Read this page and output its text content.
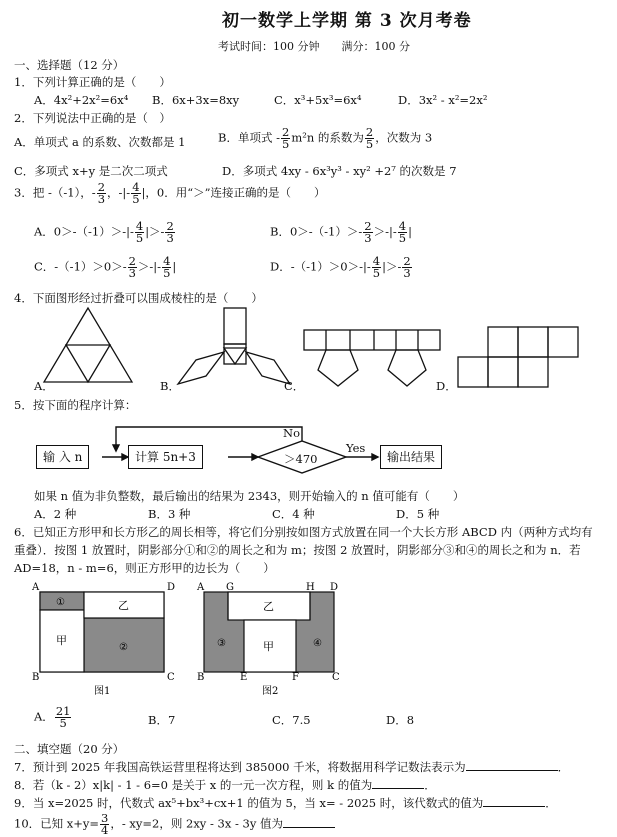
初一数学上学期 第 3 次月考卷
考试时间：100 分钟　　满分：100 分
一、选择题（12 分）
1．下列计算正确的是（　　）
A．4x²+2x²=6x⁴ B．6x+3x=8xy	C．x³+5x³=6x⁴	D．3x² - x²=2x²
2．下列说法中正确的是（　）
A．单项式 a 的系数、次数都是 1	B．单项式 - $\frac{2}{5} m^2n$ 的系数为 $\frac{2}{5}$ ，次数为 3
C．多项式 x+y 是二次二项式	D．多项式 4xy - 6x³y³ - xy² +2⁷ 的次数是 7
3．把 -（-1），- $\frac{2}{3}$ ，-|- $\frac{4}{5}$ |，0．用“＞”连接正确的是（　　）
A．$0>-(-1)>-|- \frac{4}{5}$ |＞- $\frac{2}{3}$	B．$0>-(-1)>- \frac{2}{3}$ ＞-|- $\frac{4}{5}$ |
C．$-(-1)>0>- \frac{2}{3}$ ＞-|- $\frac{4}{5}$ |	D．$-(-1)>0>-|- \frac{4}{5}$ |＞- $\frac{2}{3}$
4．下面图形经过折叠可以围成棱柱的是（　　）
A．	B．	C．	D．
5．按下面的程序计算：
输 入 n	计算 5n+3	＞470
No
Yes
输出结果
如果 n 值为非负整数，最后输出的结果为 2343，则开始输入的 n 值可能有（　　）
A．2 种	B．3 种	C．4 种	D．5 种
6．已知正方形甲和长方形乙的周长相等，将它们分别按如图方式放置在同一个大长方形 ABCD 内（两种方式均有
重叠）．按图 1 放置时，阴影部分①和②的周长之和为 m；按图 2 放置时，阴影部分③和④的周长之和为 n．若
AD=18，n - m=6，则正方形甲的边长为（　　）
A	D
B	C
①	乙
甲
②
图1
A G	H D
B	E	F	C
乙
甲
③	④
图2
A． $\frac{21}{5}$	B．7	C．7.5	D．8
二、填空题（20 分）
7．预计到 2025 年我国高铁运营里程将达到 385000 千米，将数据用科学记数法表示为	．
8．若（k - 2）x|k| - 1 - 6=0 是关于 x 的一元一次方程，则 k 的值为	．
9．当 x=2025 时，代数式 ax⁵+bx³+cx+1 的值为 5，当 x= - 2025 时，该代数式的值为	．
10．已知 $x+y= \frac{3}{4}$ ，- xy=2，则 2xy - 3x - 3y 值为
